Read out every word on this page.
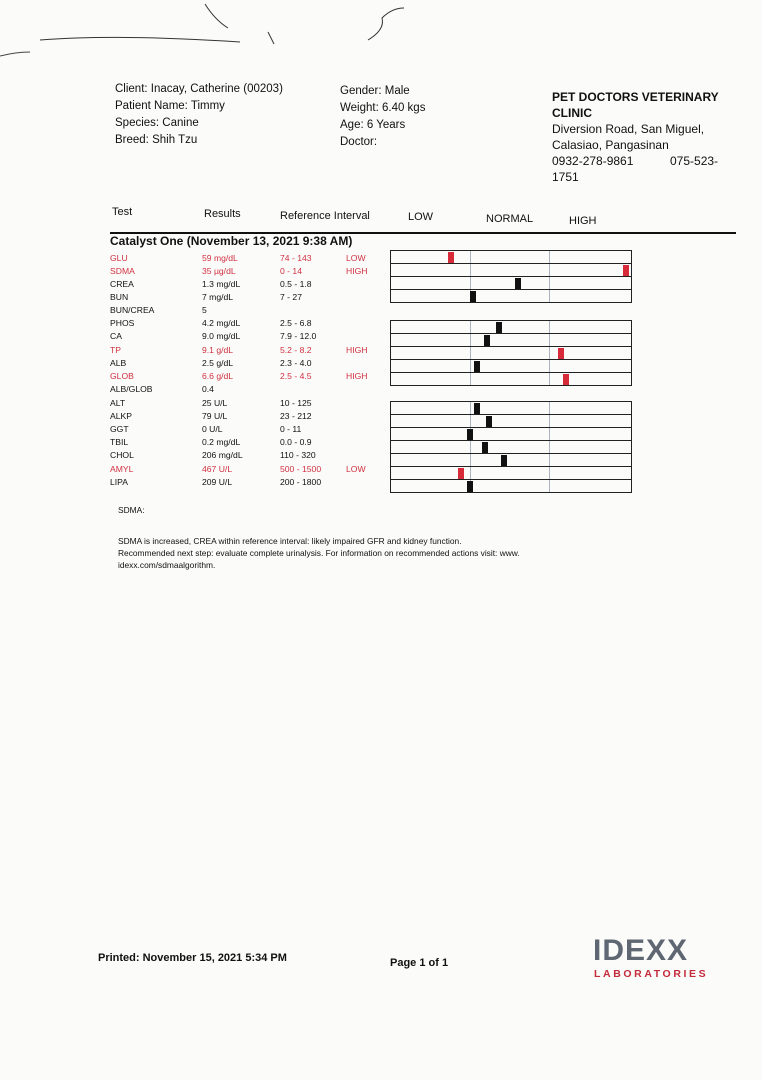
Client: Inacay, Catherine (00203)
Patient Name: Timmy
Species: Canine
Breed: Shih Tzu
Gender: Male
Weight: 6.40 kgs
Age: 6 Years
Doctor:
PET DOCTORS VETERINARY
CLINIC
Diversion Road, San Miguel,
Calasiao, Pangasinan
0932-278-9861	075-523-
1751
Test	Results	Reference Interval	LOW	NORMAL	HIGH
Catalyst One (November 13, 2021 9:38 AM)
GLU	59 mg/dL	74 - 143	LOW
SDMA	35 µg/dL	0 - 14	HIGH
CREA	1.3 mg/dL	0.5 - 1.8
BUN	7 mg/dL	7 - 27
BUN/CREA	5
PHOS	4.2 mg/dL	2.5 - 6.8
CA	9.0 mg/dL	7.9 - 12.0
TP	9.1 g/dL	5.2 - 8.2	HIGH
ALB	2.5 g/dL	2.3 - 4.0
GLOB	6.6 g/dL	2.5 - 4.5	HIGH
ALB/GLOB	0.4
ALT	25 U/L	10 - 125
ALKP	79 U/L	23 - 212
GGT	0 U/L	0 - 11
TBIL	0.2 mg/dL	0.0 - 0.9
CHOL	206 mg/dL	110 - 320
AMYL	467 U/L	500 - 1500	LOW
LIPA	209 U/L	200 - 1800
SDMA:
SDMA is increased, CREA within reference interval: likely impaired GFR and kidney function.
Recommended next step: evaluate complete urinalysis. For information on recommended actions visit: www.
idexx.com/sdmaalgorithm.
Printed: November 15, 2021 5:34 PM	Page 1 of 1	IDEXX
LABORATORIES
